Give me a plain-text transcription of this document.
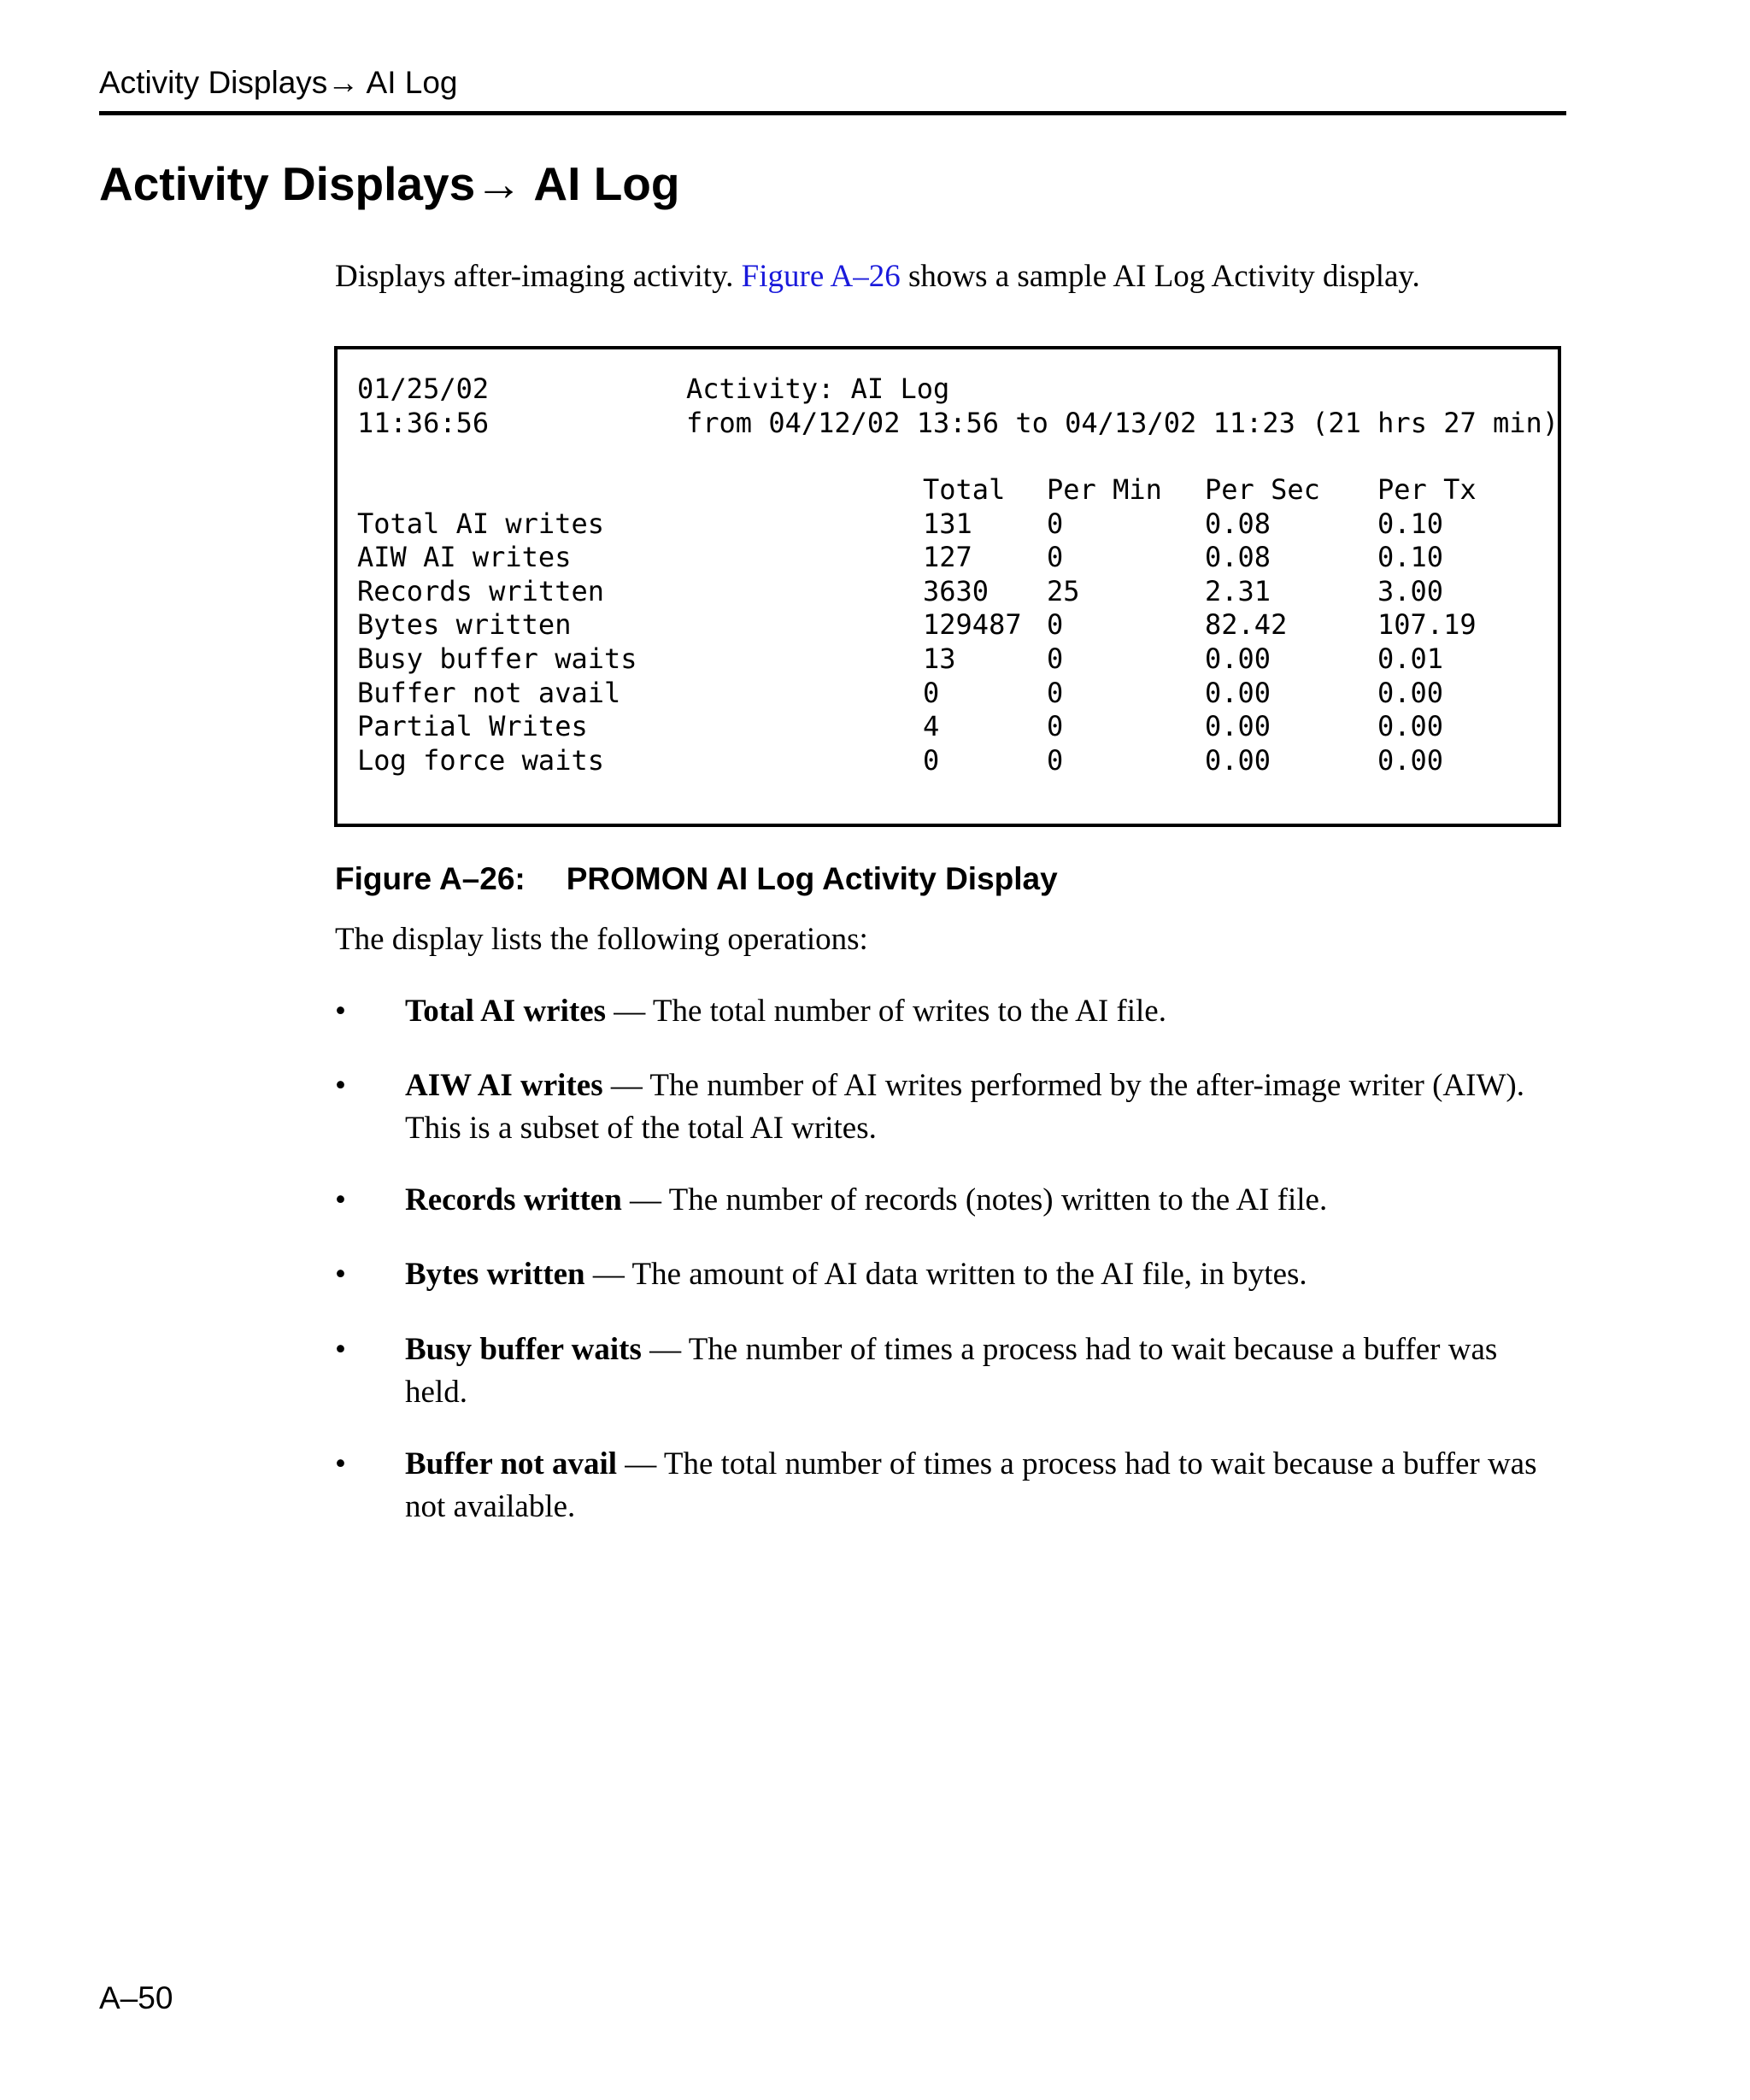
Activity Displays→ AI Log
Activity Displays→ AI Log

Displays after-imaging activity. Figure A–26 shows a sample AI Log Activity display.

01/25/02
11:36:56
Activity: AI Log
from 04/12/02 13:56 to 04/13/02 11:23 (21 hrs 27 min)
Total Per Min Per Sec Per Tx
Total AI writes	131	0	0.08	0.10
AIW AI writes	127	0	0.08	0.10
Records written	3630 25	2.31	3.00
Bytes written	129487 0	82.42	107.19
Busy buffer waits	13	0	0.00	0.01
Buffer not avail	0	0	0.00	0.00
Partial Writes	4	0	0.00	0.00
Log force waits	0	0	0.00	0.00

Figure A–26: PROMON AI Log Activity Display

The display lists the following operations:

• Total AI writes — The total number of writes to the AI file.
• AIW AI writes — The number of AI writes performed by the after-image writer (AIW). This is a subset of the total AI writes.
• Records written — The number of records (notes) written to the AI file.
• Bytes written — The amount of AI data written to the AI file, in bytes.
• Busy buffer waits — The number of times a process had to wait because a buffer was held.
• Buffer not avail — The total number of times a process had to wait because a buffer was not available.
A–50
